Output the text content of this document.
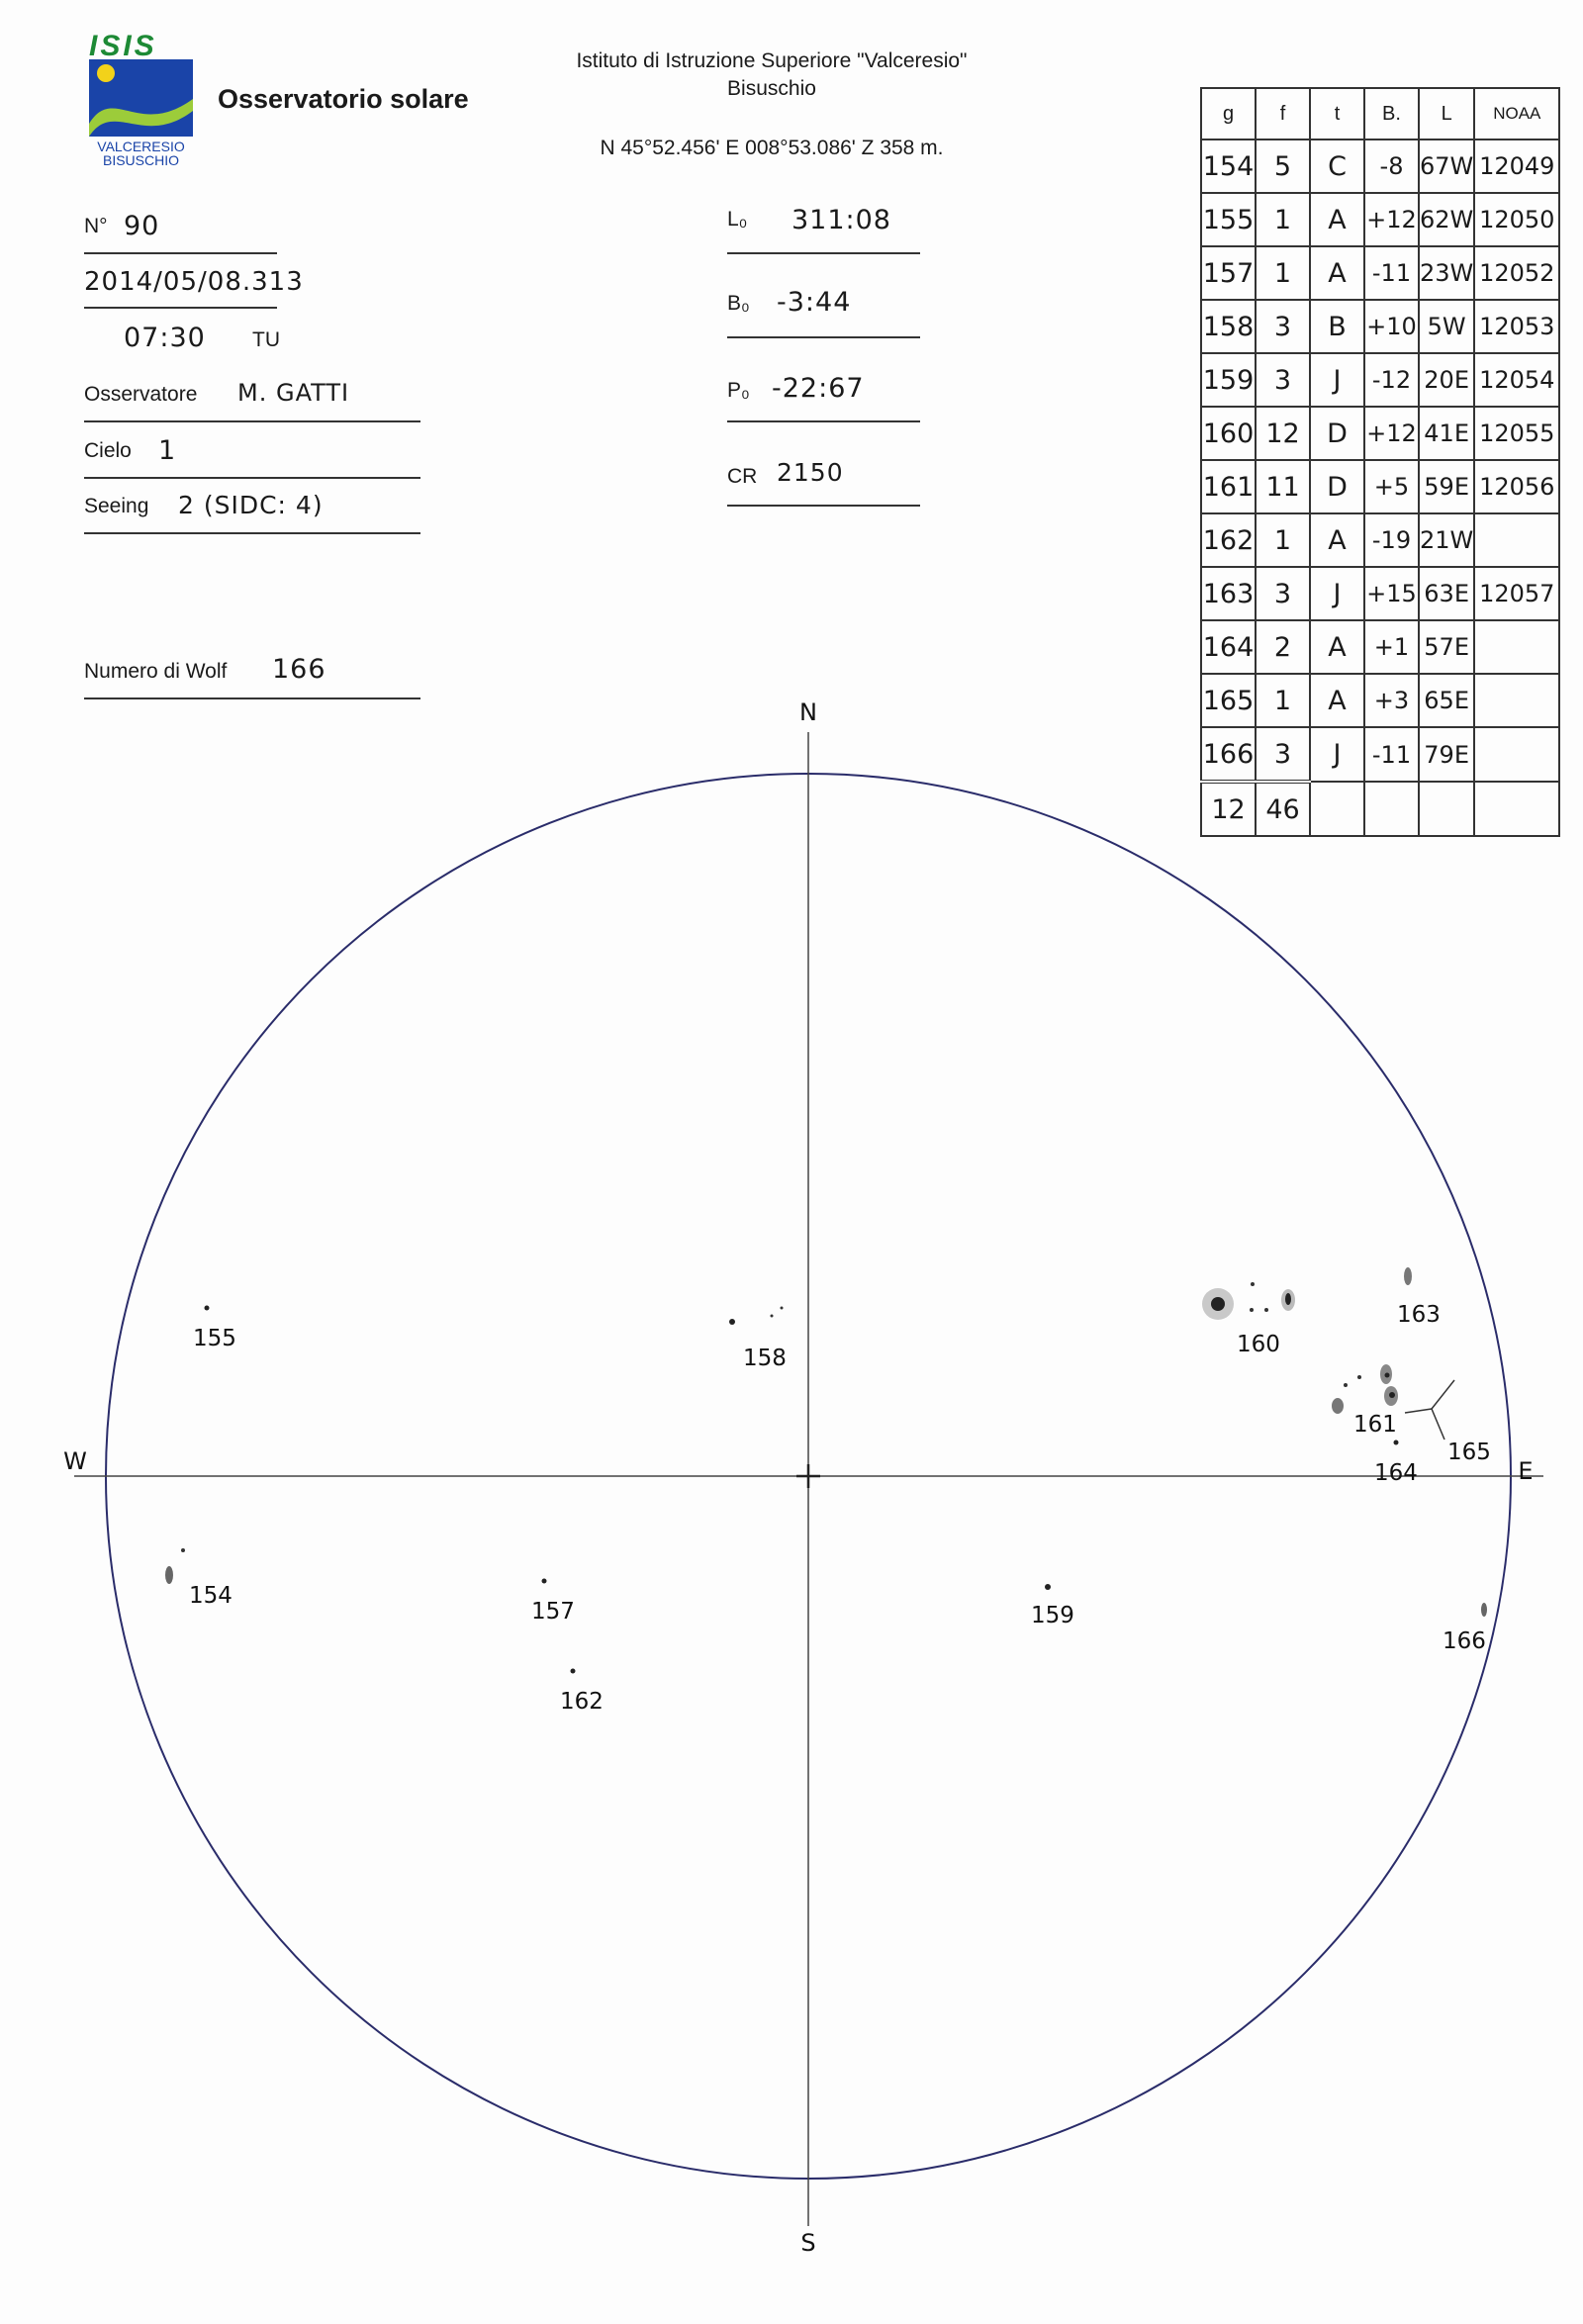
ISIS
VALCERESIO
BISUSCHIO
Osservatorio solare
Istituto di Istruzione Superiore "Valceresio"
Bisuschio
N 45°52.456' E 008°53.086' Z 358 m.
N° 90
2014/05/08.313
07:30 TU
Osservatore M. GATTI
Cielo 1
Seeing 2 (SIDC: 4)
Numero di Wolf 166
L₀ 311:08
B₀ -3:44
P₀ -22:67
CR 2150
g	f	t	B.	L	NOAA
154	5	C	-8	67W	12049
155	1	A	+12	62W	12050
157	1	A	-11	23W	12052
158	3	B	+10	5W	12053
159	3	J	-12	20E	12054
160	12	D	+12	41E	12055
161	11	D	+5	59E	12056
162	1	A	-19	21W	
163	3	J	+15	63E	12057
164	2	A	+1	57E	
165	1	A	+3	65E	
166	3	J	-11	79E	
12	46				
N
S
W	E
154
155
157
158
159
160
161
162
163
164
165
166
